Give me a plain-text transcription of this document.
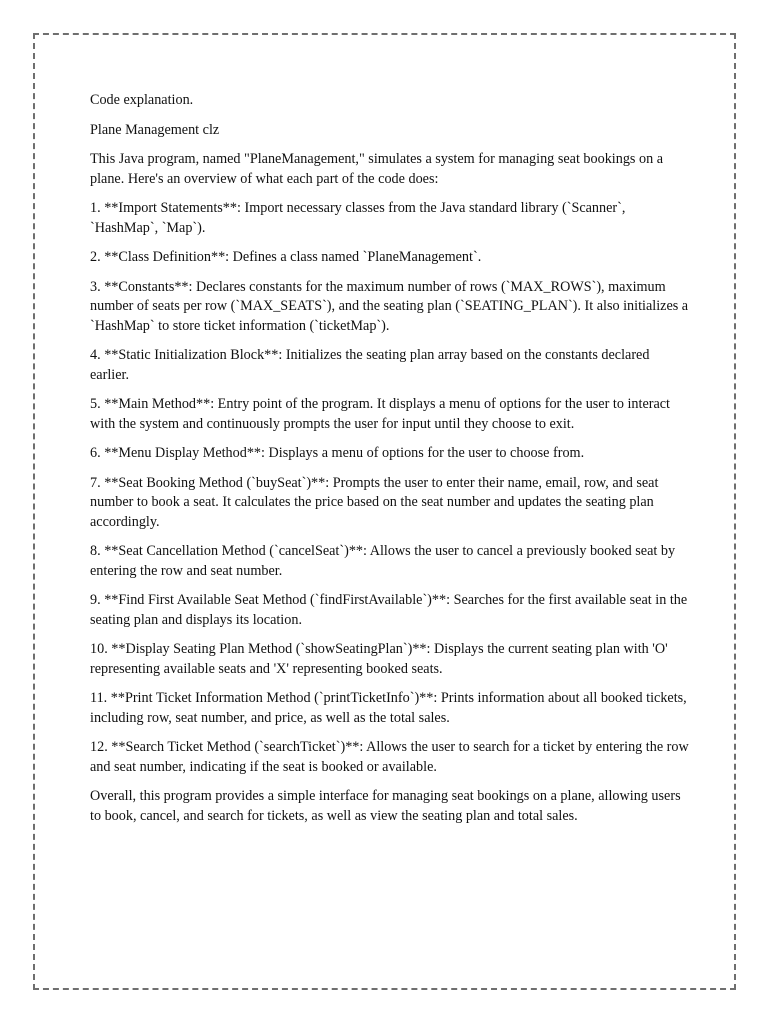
Code explanation.

Plane Management clz

This Java program, named "PlaneManagement," simulates a system for managing seat bookings on a plane. Here's an overview of what each part of the code does:

1. **Import Statements**: Import necessary classes from the Java standard library (`Scanner`, `HashMap`, `Map`).

2. **Class Definition**: Defines a class named `PlaneManagement`.

3. **Constants**: Declares constants for the maximum number of rows (`MAX_ROWS`), maximum number of seats per row (`MAX_SEATS`), and the seating plan (`SEATING_PLAN`). It also initializes a `HashMap` to store ticket information (`ticketMap`).

4. **Static Initialization Block**: Initializes the seating plan array based on the constants declared earlier.

5. **Main Method**: Entry point of the program. It displays a menu of options for the user to interact with the system and continuously prompts the user for input until they choose to exit.

6. **Menu Display Method**: Displays a menu of options for the user to choose from.

7. **Seat Booking Method (`buySeat`)**: Prompts the user to enter their name, email, row, and seat number to book a seat. It calculates the price based on the seat number and updates the seating plan accordingly.

8. **Seat Cancellation Method (`cancelSeat`)**: Allows the user to cancel a previously booked seat by entering the row and seat number.

9. **Find First Available Seat Method (`findFirstAvailable`)**: Searches for the first available seat in the seating plan and displays its location.

10. **Display Seating Plan Method (`showSeatingPlan`)**: Displays the current seating plan with 'O' representing available seats and 'X' representing booked seats.

11. **Print Ticket Information Method (`printTicketInfo`)**: Prints information about all booked tickets, including row, seat number, and price, as well as the total sales.

12. **Search Ticket Method (`searchTicket`)**: Allows the user to search for a ticket by entering the row and seat number, indicating if the seat is booked or available.

Overall, this program provides a simple interface for managing seat bookings on a plane, allowing users to book, cancel, and search for tickets, as well as view the seating plan and total sales.
